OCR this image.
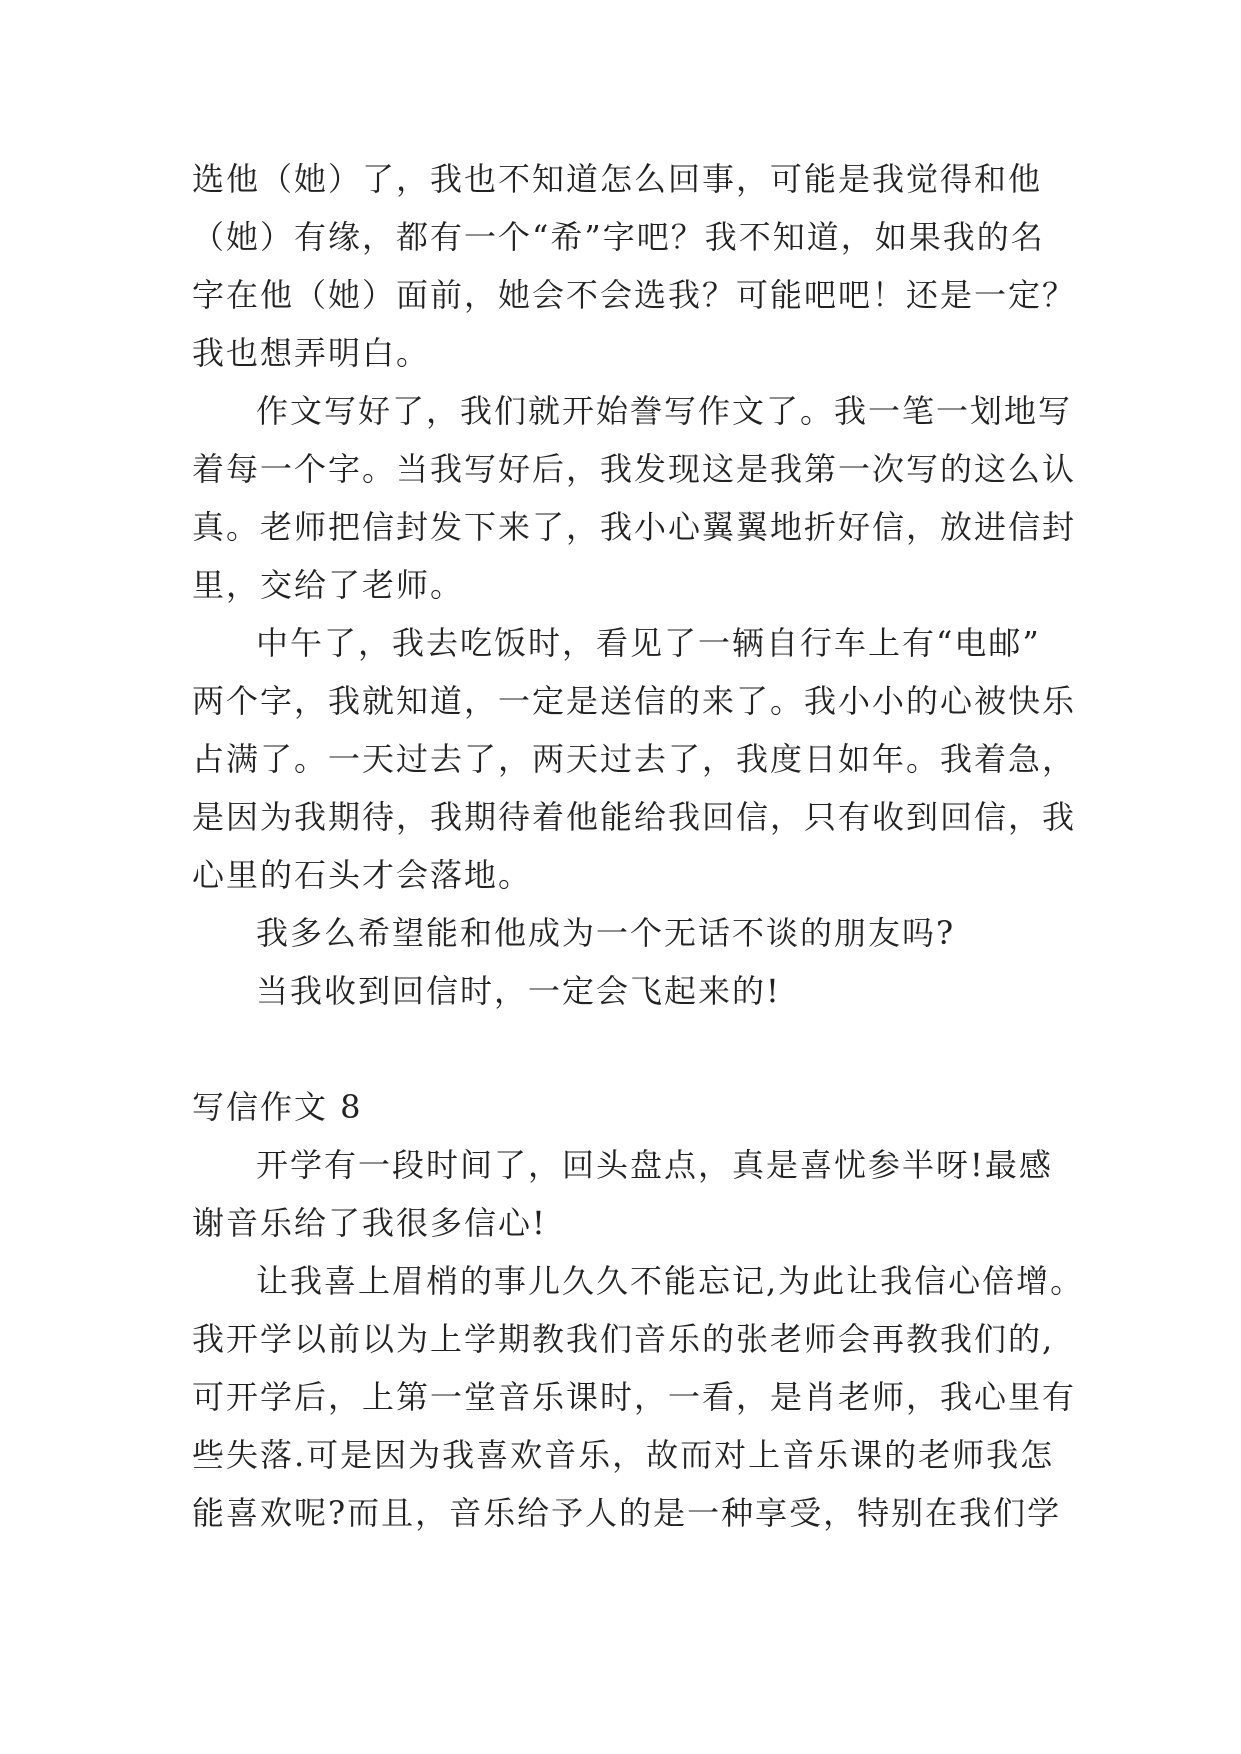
选他（她）了，我也不知道怎么回事，可能是我觉得和他
（她）有缘，都有一个“希”字吧？我不知道，如果我的名
字在他（她）面前，她会不会选我？可能吧吧！还是一定？
我也想弄明白。
作文写好了，我们就开始誊写作文了。我一笔一划地写
着每一个字。当我写好后，我发现这是我第一次写的这么认
真。老师把信封发下来了，我小心翼翼地折好信，放进信封
里，交给了老师。
中午了，我去吃饭时，看见了一辆自行车上有“电邮”
两个字，我就知道，一定是送信的来了。我小小的心被快乐
占满了。一天过去了，两天过去了，我度日如年。我着急，
是因为我期待，我期待着他能给我回信，只有收到回信，我
心里的石头才会落地。
我多么希望能和他成为一个无话不谈的朋友吗?
当我收到回信时，一定会飞起来的!
写信作文 8
开学有一段时间了，回头盘点，真是喜忧参半呀!最感
谢音乐给了我很多信心!
让我喜上眉梢的事儿久久不能忘记,为此让我信心倍增。
我开学以前以为上学期教我们音乐的张老师会再教我们的,
可开学后，上第一堂音乐课时，一看，是肖老师，我心里有
些失落.可是因为我喜欢音乐，故而对上音乐课的老师我怎
能喜欢呢?而且，音乐给予人的是一种享受，特别在我们学
